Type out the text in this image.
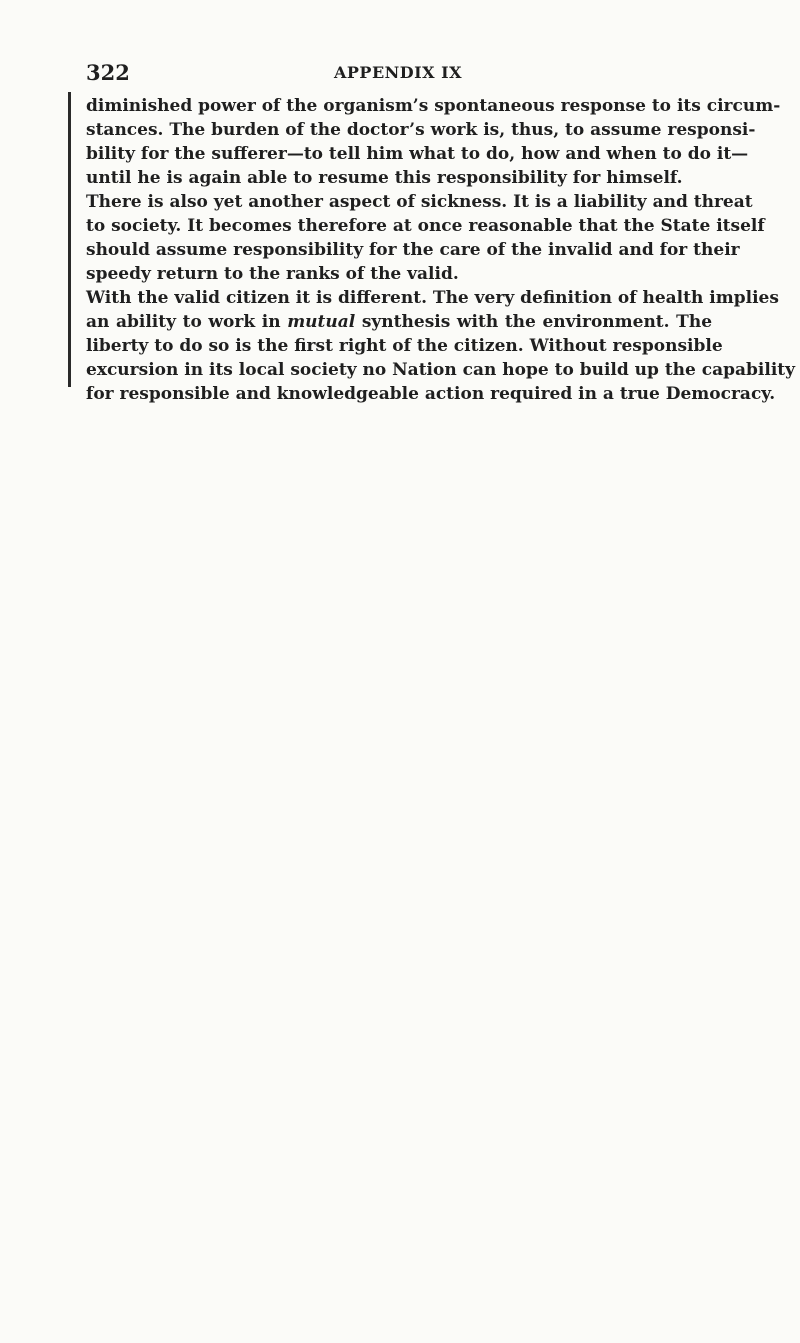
322	APPENDIX IX
diminished power of the organism’s spontaneous response to its circum-
stances. The burden of the doctor’s work is, thus, to assume responsi-
bility for the sufferer—to tell him what to do, how and when to do it—
until he is again able to resume this responsibility for himself.
There is also yet another aspect of sickness. It is a liability and threat
to society. It becomes therefore at once reasonable that the State itself
should assume responsibility for the care of the invalid and for their
speedy return to the ranks of the valid.
With the valid citizen it is different. The very definition of health implies
an ability to work in mutual synthesis with the environment. The
liberty to do so is the first right of the citizen. Without responsible
excursion in its local society no Nation can hope to build up the capability
for responsible and knowledgeable action required in a true Democracy.
